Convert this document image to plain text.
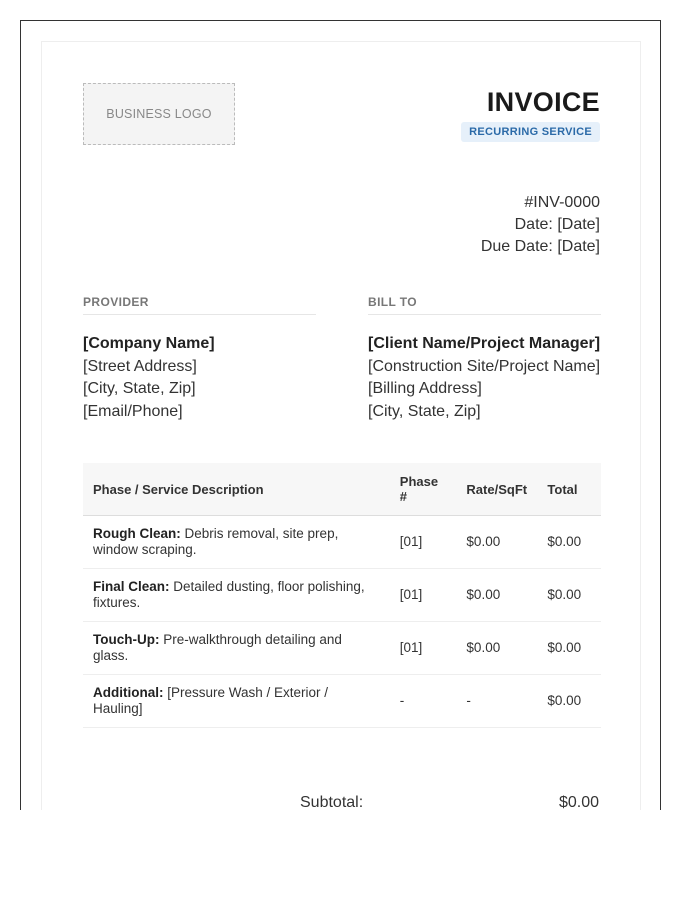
BUSINESS LOGO	INVOICE
RECURRING SERVICE
#INV-0000
Date: [Date]
Due Date: [Date]
PROVIDER
[Company Name]
[Street Address]
[City, State, Zip]
[Email/Phone]
BILL TO
[Client Name/Project Manager]
[Construction Site/Project Name]
[Billing Address]
[City, State, Zip]
Phase / Service Description	Phase #	Rate/SqFt	Total
Rough Clean: Debris removal, site prep, window scraping.	[01]	$0.00	$0.00
Final Clean: Detailed dusting, floor polishing, fixtures.	[01]	$0.00	$0.00
Touch-Up: Pre-walkthrough detailing and glass.	[01]	$0.00	$0.00
Additional: [Pressure Wash / Exterior / Hauling]	-	-	$0.00
Subtotal:	$0.00
